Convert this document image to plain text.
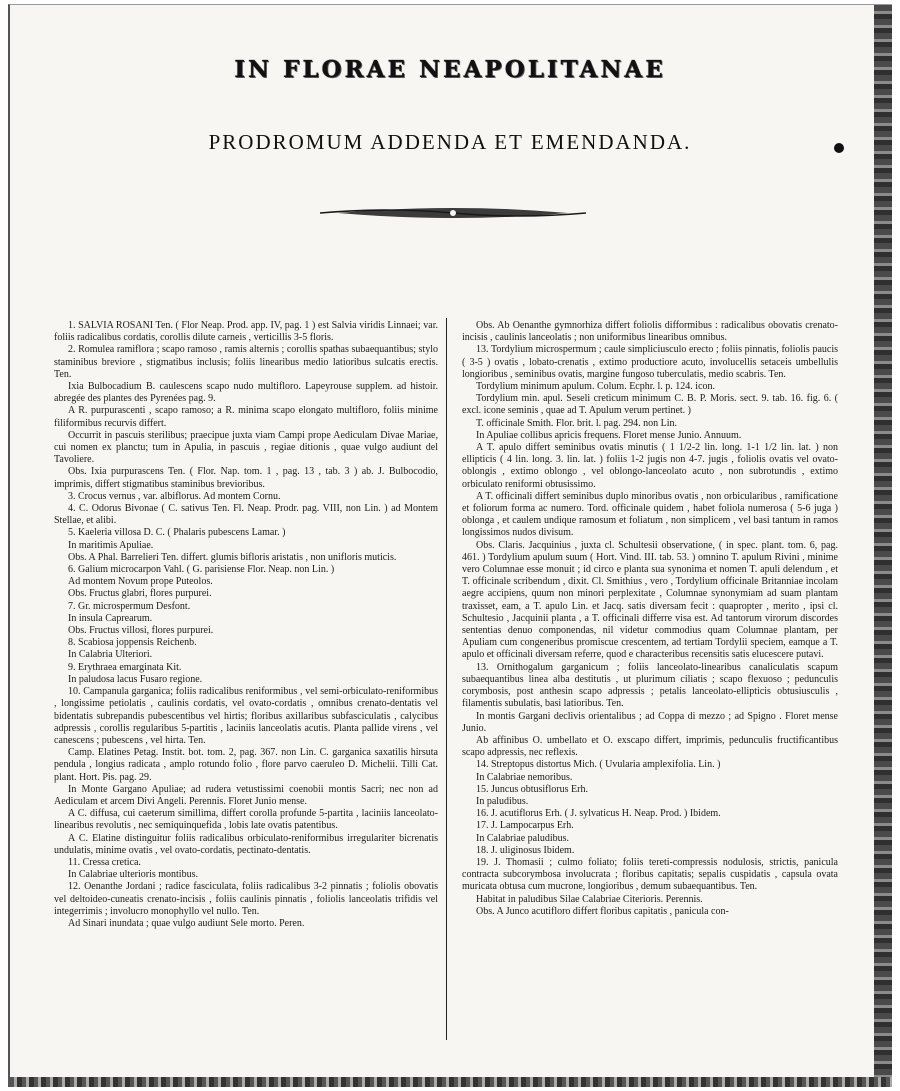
IN FLORAE NEAPOLITANAE
PRODROMUM ADDENDA ET EMENDANDA.

1. SALVIA ROSANI Ten. ( Flor Neap. Prod. app. IV, pag. 1 ) est Salvia viridis Linnaei; var. foliis radicalibus cordatis, corollis dilute carneis , verticillis 3-5 floris.

2. Romulea ramiflora ; scapo ramoso , ramis alternis ; corollis spathas subaequantibus; stylo staminibus breviore , stigmatibus inclusis; foliis linearibus medio latioribus sulcatis erectis. Ten.

Ixia Bulbocadium B. caulescens scapo nudo multifloro. Lapeyrouse supplem. ad histoir. abregée des plantes des Pyrenées pag. 9.

A R. purpurascenti , scapo ramoso; a R. minima scapo elongato multifloro, foliis minime filiformibus recurvis differt.

Occurrit in pascuis sterilibus; praecipue juxta viam Campi prope Aediculam Divae Mariae, cui nomen ex planctu; tum in Apulia, in pascuis , regiae ditionis , quae vulgo audiunt del Tavoliere.

Obs. Ixia purpurascens Ten. ( Flor. Nap. tom. 1 , pag. 13 , tab. 3 ) ab. J. Bulbocodio, imprimis, differt stigmatibus staminibus brevioribus.

3. Crocus vernus , var. albiflorus. Ad montem Cornu.

4. C. Odorus Bivonae ( C. sativus Ten. Fl. Neap. Prodr. pag. VIII, non Lin. ) ad Montem Stellae, et alibi.

5. Kaeleria villosa D. C. ( Phalaris pubescens Lamar. )

In maritimis Apuliae.

Obs. A Phal. Barrelieri Ten. differt. glumis bifloris aristatis , non unifloris muticis.

6. Galium microcarpon Vahl. ( G. parisiense Flor. Neap. non Lin. )

Ad montem Novum prope Puteolos.

Obs. Fructus glabri, flores purpurei.

7. Gr. microspermum Desfont.

In insula Caprearum.

Obs. Fructus villosi, flores purpurei.

8. Scabiosa joppensis Reichenb.

In Calabria Ulteriori.

9. Erythraea emarginata Kit.

In paludosa lacus Fusaro regione.

10. Campanula garganica; foliis radicalibus reniformibus , vel semi-orbiculato-reniformibus , longissime petiolatis , caulinis cordatis, vel ovato-cordatis , omnibus crenato-dentatis vel bidentatis subrepandis pubescentibus vel hirtis; floribus axillaribus subfasciculatis , calycibus adpressis , corollis regularibus 5-partitis , laciniis lanceolatis acutis. Planta pallide virens , vel canescens ; pubescens , vel hirta. Ten.

Camp. Elatines Petag. Instit. bot. tom. 2, pag. 367. non Lin. C. garganica saxatilis hirsuta pendula , longius radicata , amplo rotundo folio , flore parvo caeruleo D. Michelii. Tilli Cat. plant. Hort. Pis. pag. 29.

In Monte Gargano Apuliae; ad rudera vetustissimi coenobii montis Sacri; nec non ad Aediculam et arcem Divi Angeli. Perennis. Floret Junio mense.

A C. diffusa, cui caeterum simillima, differt corolla profunde 5-partita , laciniis lanceolato-linearibus revolutis , nec semiquinquefida , lobis late ovatis patentibus.

A C. Elatine distinguitur foliis radicalibus orbiculato-reniformibus irregulariter bicrenatis undulatis, minime ovatis , vel ovato-cordatis, pectinato-dentatis.

11. Cressa cretica.

In Calabriae ulterioris montibus.

12. Oenanthe Jordani ; radice fasciculata, foliis radicalibus 3-2 pinnatis ; foliolis obovatis vel deltoideo-cuneatis crenato-incisis , foliis caulinis pinnatis , foliolis lanceolatis trifidis vel integerrimis ; involucro monophyllo vel nullo. Ten.

Ad Sinari inundata ; quae vulgo audiunt Sele morto. Peren.

Obs. Ab Oenanthe gymnorhiza differt foliolis difformibus : radicalibus obovatis crenato-incisis , caulinis lanceolatis ; non uniformibus linearibus omnibus.

13. Tordylium microspermum ; caule simpliciusculo erecto ; foliis pinnatis, foliolis paucis ( 3-5 ) ovatis , lobato-crenatis , extimo productiore acuto, involucellis setaceis umbellulis longioribus , seminibus ovatis, margine fungoso tuberculatis, medio scabris. Ten.

Tordylium minimum apulum. Colum. Ecphr. l. p. 124. icon.

Tordylium min. apul. Seseli creticum minimum C. B. P. Moris. sect. 9. tab. 16. fig. 6. ( excl. icone seminis , quae ad T. Apulum verum pertinet. )

T. officinale Smith. Flor. brit. l. pag. 294. non Lin.

In Apuliae collibus apricis frequens. Floret mense Junio. Annuum.

A T. apulo differt seminibus ovatis minutis ( 1 1/2-2 lin. long. 1-1 1/2 lin. lat. ) non ellipticis ( 4 lin. long. 3. lin. lat. ) foliis 1-2 jugis non 4-7. jugis , foliolis ovatis vel ovato-oblongis , extimo oblongo , vel oblongo-lanceolato acuto , non subrotundis , extimo orbiculato reniformi obtusissimo.

A T. officinali differt seminibus duplo minoribus ovatis , non orbicularibus , ramificatione et foliorum forma ac numero. Tord. officinale quidem , habet foliola numerosa ( 5-6 juga ) oblonga , et caulem undique ramosum et foliatum , non simplicem , vel basi tantum in ramos longissimos nudos divisum.

Obs. Claris. Jacquinius , juxta cl. Schultesii observatione, ( in spec. plant. tom. 6, pag. 461. ) Tordylium apulum suum ( Hort. Vind. III. tab. 53. ) omnino T. apulum Rivini , minime vero Columnae esse monuit ; id circo e planta sua synonima et nomen T. apuli delendum , et T. officinale scribendum , dixit. Cl. Smithius , vero , Tordylium officinale Britanniae incolam aegre accipiens, quum non minori perplexitate , Columnae synonymiam ad suam plantam traxisset, eam, a T. apulo Lin. et Jacq. satis diversam fecit : quapropter , merito , ipsi cl. Schultesio , Jacquinii planta , a T. officinali differre visa est. Ad tantorum virorum discordes sententias denuo componendas, nil videtur commodius quam Columnae plantam, per Apuliam cum congeneribus promiscue crescentem, ad tertiam Tordylii speciem, eamque a T. apulo et officinali diversam referre, quod e characteribus recensitis satis elucescere putavi.

13. Ornithogalum garganicum ; foliis lanceolato-linearibus canaliculatis scapum subaequantibus linea alba destitutis , ut plurimum ciliatis ; scapo flexuoso ; pedunculis corymbosis, post anthesin scapo adpressis ; petalis lanceolato-ellipticis obtusiusculis , filamentis subulatis, basi latioribus. Ten.

In montis Gargani declivis orientalibus ; ad Coppa di mezzo ; ad Spigno . Floret mense Junio.

Ab affinibus O. umbellato et O. exscapo differt, imprimis, pedunculis fructificantibus scapo adpressis, nec reflexis.

14. Streptopus distortus Mich. ( Uvularia amplexifolia. Lin. )

In Calabriae nemoribus.

15. Juncus obtusiflorus Erh.

In paludibus.

16. J. acutiflorus Erh. ( J. sylvaticus H. Neap. Prod. ) Ibidem.

17. J. Lampocarpus Erh.

In Calabriae paludibus.

18. J. uliginosus Ibidem.

19. J. Thomasii ; culmo foliato; foliis tereti-compressis nodulosis, strictis, panicula contracta subcorymbosa involucrata ; floribus capitatis; sepalis cuspidatis , capsula ovata muricata obtusa cum mucrone, longioribus , demum subaequantibus. Ten.

Habitat in paludibus Silae Calabriae Citerioris. Perennis.

Obs. A Junco acutifloro differt floribus capitatis , panicula con-
